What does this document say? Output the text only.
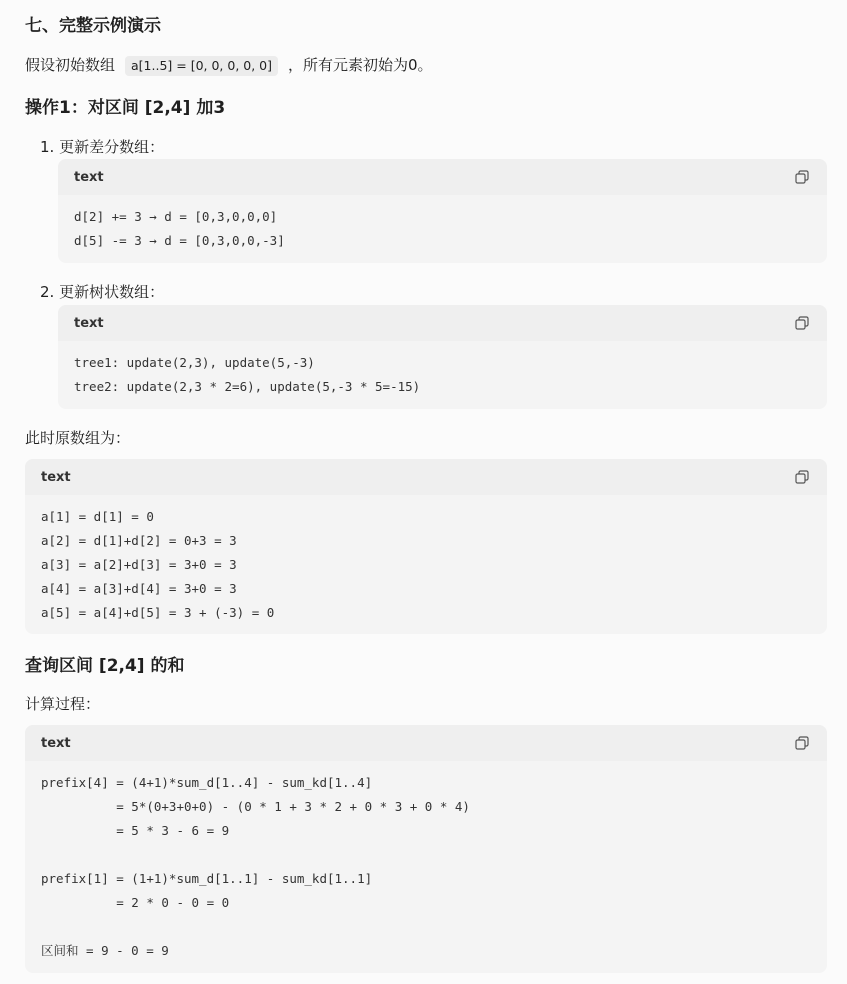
七、完整示例演示

假设初始数组 a[1..5] = [0, 0, 0, 0, 0] ，所有元素初始为0。

操作1：对区间 [2,4] 加3
1. 更新差分数组：
text
d[2] += 3 → d = [0,3,0,0,0]
d[5] -= 3 → d = [0,3,0,0,-3]
2. 更新树状数组：
text
tree1: update(2,3), update(5,-3)
tree2: update(2,3 * 2=6), update(5,-3 * 5=-15)

此时原数组为：

text
a[1] = d[1] = 0
a[2] = d[1]+d[2] = 0+3 = 3
a[3] = a[2]+d[3] = 3+0 = 3
a[4] = a[3]+d[4] = 3+0 = 3
a[5] = a[4]+d[5] = 3 + (-3) = 0
查询区间 [2,4] 的和

计算过程：

text
prefix[4] = (4+1)*sum_d[1..4] - sum_kd[1..4]
= 5*(0+3+0+0) - (0 * 1 + 3 * 2 + 0 * 3 + 0 * 4)
= 5 * 3 - 6 = 9
prefix[1] = (1+1)*sum_d[1..1] - sum_kd[1..1]
= 2 * 0 - 0 = 0
区间和 = 9 - 0 = 9
